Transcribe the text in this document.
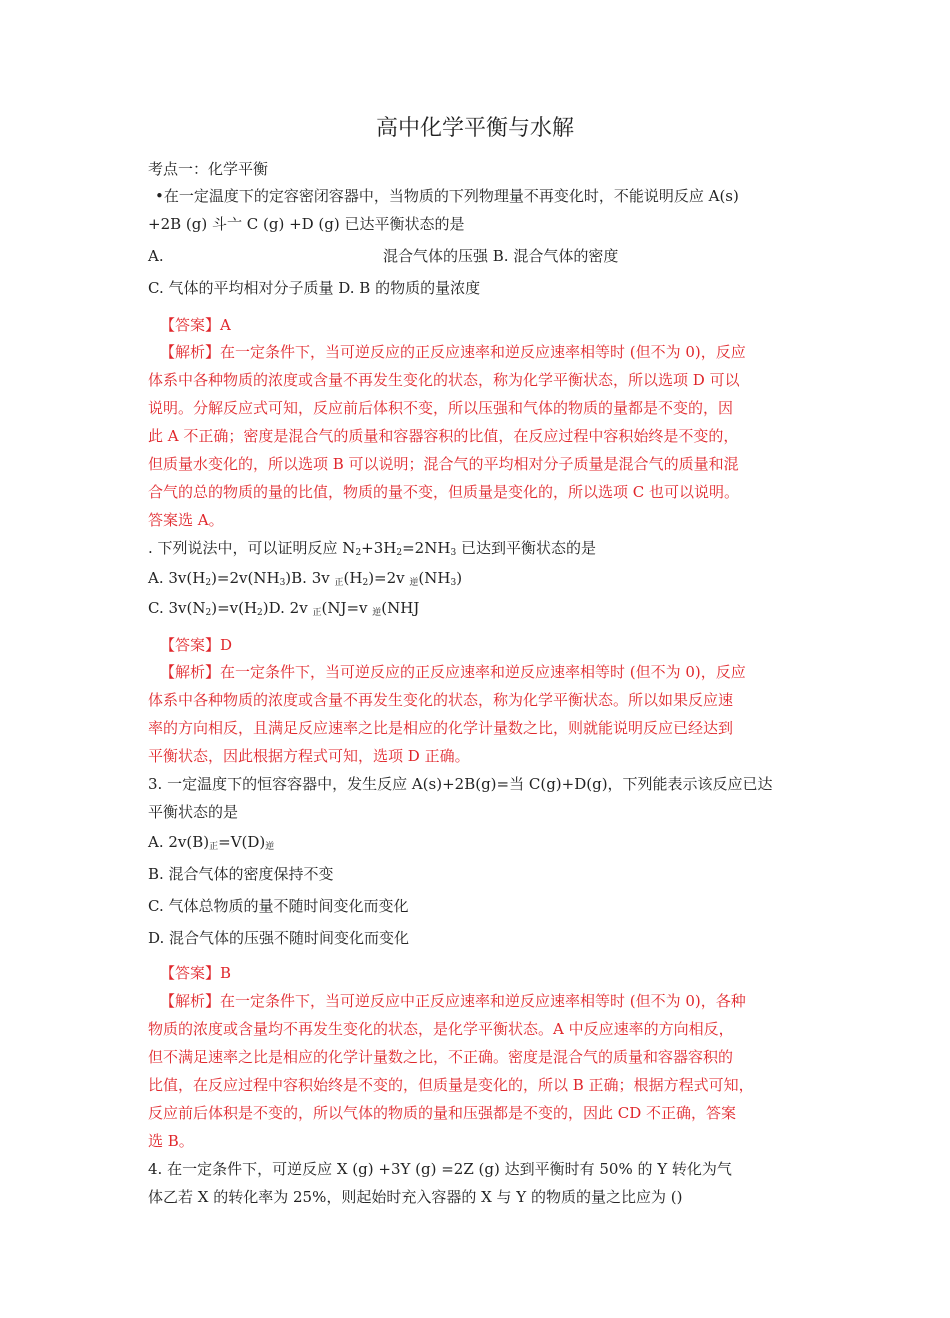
高中化学平衡与水解
考点一：化学平衡
•在一定温度下的定容密闭容器中，当物质的下列物理量不再变化时，不能说明反应 A(s)
+2B (g) 斗亠 C (g) +D (g) 已达平衡状态的是
A.	混合气体的压强 B. 混合气体的密度
C. 气体的平均相对分子质量 D. B 的物质的量浓度
【答案】A
【解析】在一定条件下，当可逆反应的正反应速率和逆反应速率相等时 (但不为 0)，反应
体系中各种物质的浓度或含量不再发生变化的状态，称为化学平衡状态，所以选项 D 可以
说明。分解反应式可知，反应前后体积不变，所以压强和气体的物质的量都是不变的，因
此 A 不正确；密度是混合气的质量和容器容积的比值，在反应过程中容积始终是不变的，
但质量水变化的，所以选项 B 可以说明；混合气的平均相对分子质量是混合气的质量和混
合气的总的物质的量的比值，物质的量不变，但质量是变化的，所以选项 C 也可以说明。
答案选 A。
. 下列说法中，可以证明反应 $N_2+3H_2=2NH_3$ 已达到平衡状态的是
A. $3v(H_2)=2v(NH_3)B$. 3v $_正(H_2)=2v$ $_逆(NH_3)$
C. $3v(N_2)=v(H_2)D$. 2v $_正$(NJ=v $_逆$(NHJ
【答案】D
【解析】在一定条件下，当可逆反应的正反应速率和逆反应速率相等时 (但不为 0)，反应
体系中各种物质的浓度或含量不再发生变化的状态，称为化学平衡状态。所以如果反应速
率的方向相反，且满足反应速率之比是相应的化学计量数之比，则就能说明反应已经达到
平衡状态，因此根据方程式可知，选项 D 正确。
3. 一定温度下的恒容容器中，发生反应 A(s)+2B(g)=当 C(g)+D(g)，下列能表示该反应已达
平衡状态的是
A. $2v(B)_正=V(D)_逆$
B. 混合气体的密度保持不变
C. 气体总物质的量不随时间变化而变化
D. 混合气体的压强不随时间变化而变化
【答案】B
【解析】在一定条件下，当可逆反应中正反应速率和逆反应速率相等时 (但不为 0)，各种
物质的浓度或含量均不再发生变化的状态，是化学平衡状态。A 中反应速率的方向相反，
但不满足速率之比是相应的化学计量数之比，不正确。密度是混合气的质量和容器容积的
比值，在反应过程中容积始终是不变的，但质量是变化的，所以 B 正确；根据方程式可知，
反应前后体积是不变的，所以气体的物质的量和压强都是不变的，因此 CD 不正确，答案
选 B。
4. 在一定条件下，可逆反应 X (g) +3Y (g) =2Z (g) 达到平衡时有 50% 的 Y 转化为气
体乙若 X 的转化率为 25%，则起始时充入容器的 X 与 Y 的物质的量之比应为 ()
